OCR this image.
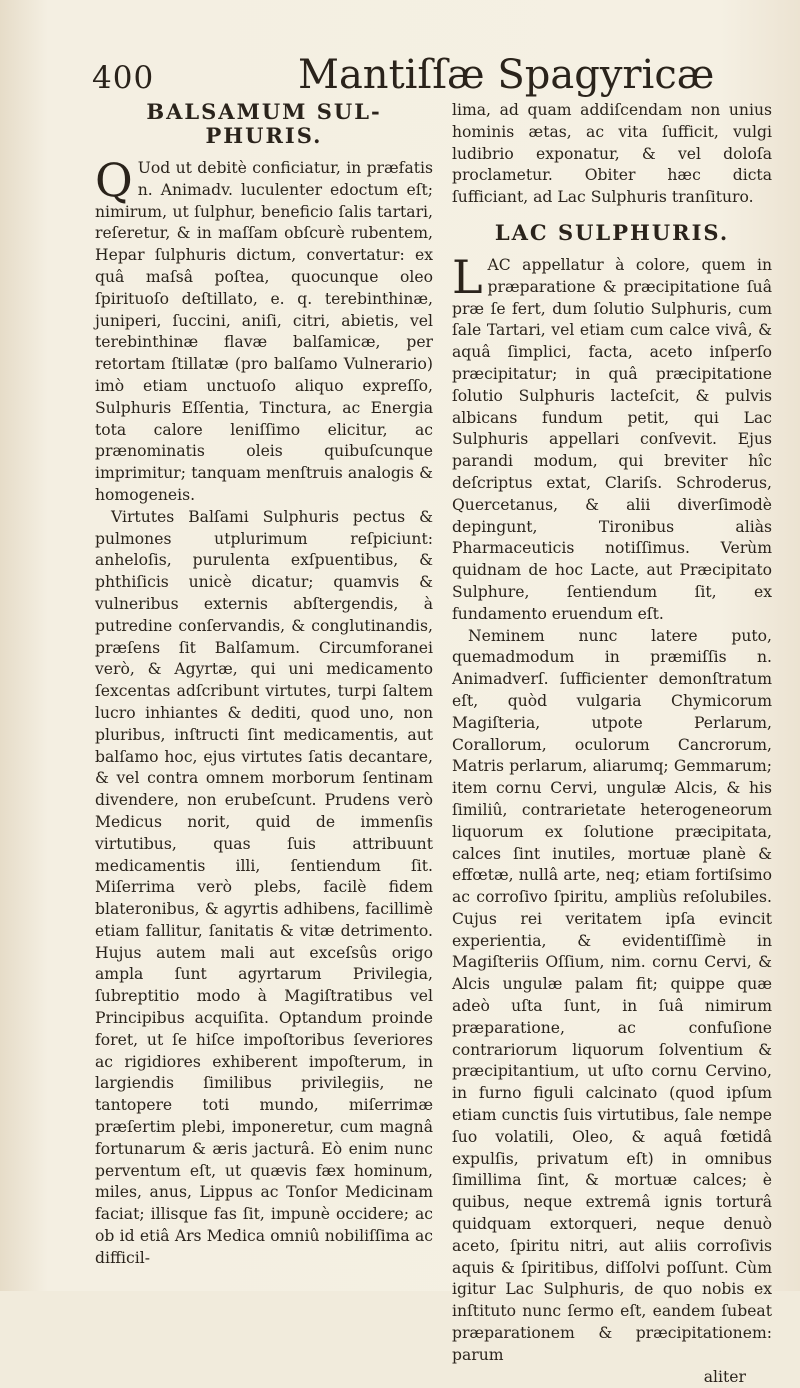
400	Mantiſſæ Spagyricæ
BALSAMUM SUL-
PHURIS.

Q Uod ut debitè conficiatur, in præfatis n. Animadv. luculenter edoctum eſt; nimirum, ut ſulphur, beneficio ſalis tartari, reſeretur, & in maſſam obſcurè rubentem, Hepar ſulphuris dictum, convertatur: ex quâ maſsâ poſtea, quocunque oleo ſpirituoſo deſtillato, e. q. terebinthinæ, juniperi, ſuccini, aniſi, citri, abietis, vel terebinthinæ flavæ balſamicæ, per retortam ſtillatæ (pro balſamo Vulnerario) imò etiam unctuoſo aliquo expreſſo, Sulphuris Eſſentia, Tinctura, ac Energia tota calore leniſſimo elicitur, ac prænominatis oleis quibuſcunque imprimitur; tanquam menſtruis analogis & homogeneis.

Virtutes Balſami Sulphuris pectus & pulmones utplurimum reſpiciunt: anheloſis, purulenta exſpuentibus, & phthiſicis unicè dicatur; quamvis & vulneribus externis abſtergendis, à putredine conſervandis, & conglutinandis, præſens ſit Balſamum. Circumforanei verò, & Agyrtæ, qui uni medicamento ſexcentas adſcribunt virtutes, turpi ſaltem lucro inhiantes & dediti, quod uno, non pluribus, inſtructi ſint medicamentis, aut balſamo hoc, ejus virtutes ſatis decantare, & vel contra omnem morborum ſentinam divendere, non erubeſcunt. Prudens verò Medicus norit, quid de immenſis virtutibus, quas ſuis attribuunt medicamentis illi, ſentiendum ſit. Miſerrima verò plebs, facilè fidem blateronibus, & agyrtis adhibens, facillimè etiam fallitur, ſanitatis & vitæ detrimento. Hujus autem mali aut exceſsûs origo ampla ſunt agyrtarum Privilegia, ſubreptitio modo à Magiſtratibus vel Principibus acquiſita. Optandum proinde foret, ut ſe hiſce impoſtoribus ſeveriores ac rigidiores exhiberent impoſterum, in largiendis ſimilibus privilegiis, ne tantopere toti mundo, miſerrimæ præſertim plebi, imponeretur, cum magnâ fortunarum & æris jacturâ. Eò enim nunc perventum eſt, ut quævis fæx hominum, miles, anus, Lippus ac Tonſor Medicinam faciat; illisque fas ſit, impunè occidere; ac ob id etiâ Ars Medica omniû nobiliſſima ac difficil-

lima, ad quam addiſcendam non unius hominis ætas, ac vita ſufficit, vulgi ludibrio exponatur, & vel doloſa proclametur. Obiter hæc dicta ſufficiant, ad Lac Sulphuris tranſituro.

LAC SULPHURIS.

LAC appellatur à colore, quem in præparatione & præcipitatione ſuâ præ ſe fert, dum ſolutio Sulphuris, cum ſale Tartari, vel etiam cum calce vivâ, & aquâ ſimplici, facta, aceto inſperſo præcipitatur; in quâ præcipitatione ſolutio Sulphuris lacteſcit, & pulvis albicans fundum petit, qui Lac Sulphuris appellari conſvevit. Ejus parandi modum, qui breviter hîc deſcriptus extat, Clariſs. Schroderus, Quercetanus, & alii diverſimodè depingunt, Tironibus aliàs Pharmaceuticis notiſſimus. Verùm quidnam de hoc Lacte, aut Præcipitato Sulphure, ſentiendum ſit, ex fundamento eruendum eſt.

Neminem nunc latere puto, quemadmodum in præmiſſis n. Animadverſ. ſufficienter demonſtratum eſt, quòd vulgaria Chymicorum Magiſteria, utpote Perlarum, Corallorum, oculorum Cancrorum, Matris perlarum, aliarumq; Gemmarum; item cornu Cervi, ungulæ Alcis, & his ſimiliû, contrarietate heterogeneorum liquorum ex ſolutione præcipitata, calces ſint inutiles, mortuæ planè & effœtæ, nullâ arte, neq; etiam fortiſsimo ac corroſivo ſpiritu, ampliùs reſolubiles. Cujus rei veritatem ipſa evincit experientia, & evidentiſſimè in Magiſteriis Oſſium, nim. cornu Cervi, & Alcis ungulæ palam fit; quippe quæ adeò uſta ſunt, in ſuâ nimirum præparatione, ac confuſione contrariorum liquorum ſolventium & præcipitantium, ut uſto cornu Cervino, in furno figuli calcinato (quod ipſum etiam cunctis ſuis virtutibus, ſale nempe ſuo volatili, Oleo, & aquâ fœtidâ expulſis, privatum eſt) in omnibus ſimillima ſint, & mortuæ calces; è quibus, neque extremâ ignis torturâ quidquam extorqueri, neque denuò aceto, ſpiritu nitri, aut aliis corroſivis aquis & ſpiritibus, diſſolvi poſſunt. Cùm igitur Lac Sulphuris, de quo nobis ex inſtituto nunc ſermo eſt, eandem ſubeat præparationem & præcipitationem: parum

aliter
